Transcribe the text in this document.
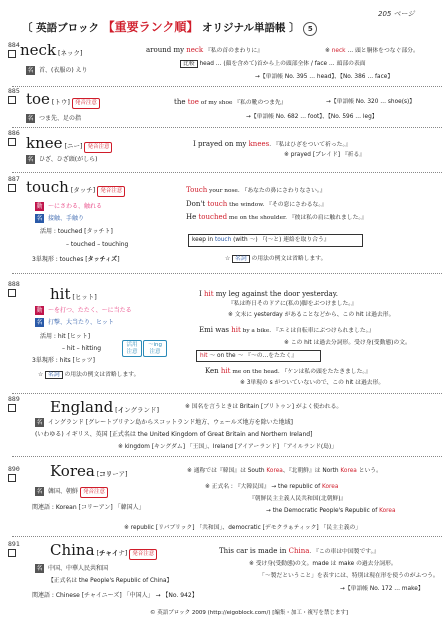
〔 英語ブロック 【重要ランク順】 オリジナル単語帳 〕 5
205 ページ
884 neck [ネック]
名 首、(衣服の) えり
around my neck 『私の首のまわりに』	※ neck … 頭と胴体をつなぐ部分。
比較 head … (顔を含めて)首から上の頭部全体 / face … 頭部の表面
→【単語帳 No. 395 … head】、【No. 386 … face】
885 toe [トウ] 発音注意
名 つま先、足の指
the toe of my shoe 『私の靴のつま先』	→【単語帳 No. 320 … shoe(s)】
→【単語帳 No. 682 … foot】、【No. 596 … leg】
886
knee [ニー] 発音注意
名 ひざ、ひざ頭(がしら)
I prayed on my knees. 『私はひざをついて祈った。』
※ prayed [プレイド] 『祈る』
887 touch [タッチ] 発音注意
動 ～にさわる、触れる
名 接触、手触り
活用 : touched [タッチト]
– touched – touching
3単現形 : touches [タッチィズ]
Touch your nose. 『あなたの鼻にさわりなさい。』
Don't touch the window. 『その窓にさわるな。』
He touched me on the shoulder. 『彼は私の肩に触れました。』
keep in touch (with ～) 『(～と) 連絡を取り合う』
☆ 名詞 の用法の例文は省略します。
888
hit [ヒット]
動 ～を打つ、たたく、～に当たる
名 打撃、大当たり、ヒット
活用 : hit [ヒット]
– hit – hitting
3単現形 : hits [ヒッツ]
活用注意
～ing注意
☆ 名詞 の用法の例文は省略します。
I hit my leg against the door yesterday.
『私は昨日そのドアに(私の)脚をぶつけました。』
※ 文末に yesterday があることなどから、この hit は過去形。
Emi was hit by a bike. 『エミは自転車にぶつけられました。』
※ この hit は過去分詞形。受け身(受動態)の文。
hit ～ on the ～ 『～の…をたたく』
Ken hit me on the head. 『ケンは私の頭をたたきました。』
※ 3単現の s がついていないので、この hit は過去形。
889 England [イングランド]	※ 国名を言うときは Britain [ブリトゥン] がよく使われる。
名 イングランド [グレートブリテン島からスコットランド地方、ウェールズ地方を除いた地域]
(いわゆる) イギリス、英国 [正式名は the United Kingdom of Great Britain and Northern Ireland]
※ kingdom [キングダム] 「王国」、Ireland [アイアーランド] 「アイルランド(島)」
890 Korea [コリーア]
名 韓国、朝鮮 発音注意
関連語 : Korean [コリーアン] 「韓国人」
※ 通称では『韓国』は South Korea、『北朝鮮』は North Korea という。
※ 正式名 : 『大韓民国』 → the republic of Korea
『朝鮮民主主義人民共和国(北朝鮮)』
→ the Democratic People's Republic of Korea
※ republic [リパブリック] 「共和国」、democratic [デモクラぁティック] 「民主主義の」
891 China [チャイナ] 発音注意
名 中国、中華人民共和国
【正式名は the People's Republic of China】
関連語 : Chinese [チャイニーズ] 「中国人」 → 【No. 942】
This car is made in China. 『この車は中国製です。』
※ 受け身(受動態)の文。made は make の過去分詞形。
「～製だということ」を表すには、特別は現在形を使うのがふつう。
→【単語帳 No. 172 … make】
© 英語ブロック 2009 (http://eigoblock.com/) [編集・加工・複写を禁じます]
